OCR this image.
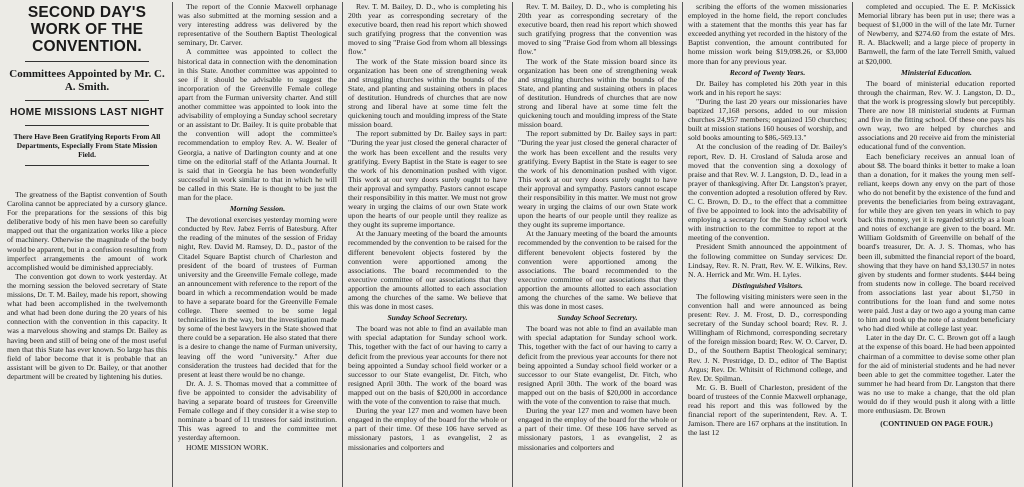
SECOND DAY'S WORK OF THE CONVENTION.
Committees Appointed by Mr. C. A. Smith.
HOME MISSIONS LAST NIGHT
There Have Been Gratifying Reports From All Departments, Especially From State Mission Field.

The greatness of the Baptist convention of South Carolina cannot be appreciated by a cursory glance. For the preparations for the sessions of this big deliberative body of his men have been so carefully mapped out that the organization works like a piece of machinery. Otherwise the magnitude of the body would be apparent, but in a confusion resulting from imperfect arrangements the amount of work accomplished would be diminished appreciably.

The convention got down to work yesterday. At the morning session the beloved secretary of State missions, Dr. T. M. Bailey, made his report, showing what had been accomplished in the twelvemonth and what had been done during the 20 years of his connection with the convention in this capacity. It was a marvelous showing and stamps Dr. Bailey as having been and still of being one of the most useful men that this State has ever known. So large has this field of labor become that it is probable that an assistant will be given to Dr. Bailey, or that another department will be created by lightening his duties.

The report of the Connie Maxwell orphanage was also submitted at the morning session and a very interesting address was delivered by the representative of the Southern Baptist Theological seminary, Dr. Carver.

A committee was appointed to collect the historical data in connection with the denomination in this State. Another committee was appointed to see if it should be advisable to suggest the incorporation of the Greenville Female college apart from the Furman university charter. And still another committee was appointed to look into the advisability of employing a Sunday school secretary or an assistant to Dr. Bailey. It is quite probable that the convention will adopt the committee's recommendation to employ Rev. A. W. Bealer of Georgia, a native of Darlington county and at one time on the editorial staff of the Atlanta Journal. It is said that in Georgia he has been wonderfully successful in work similar to that in which he will be called in this State. He is thought to be just the man for the place.

Morning Session.

The devotional exercises yesterday morning were conducted by Rev. Jabez Ferris of Batesburg. After the reading of the minutes of the session of Friday night, Rev. David M. Ramsey, D. D., pastor of the Citadel Square Baptist church of Charleston and president of the board of trustees of Furman university and the Greenville Female college, made an announcement with reference to the report of the board in which a recommendation would be made to have a separate board for the Greenville Female college. There seemed to be some legal technicalities in the way, but the investigation made by some of the best lawyers in the State showed that there could be a separation. He also stated that there is a desire to change the name of Furman university, leaving off the word "university." After due consideration the trustees had decided that for the present at least there would be no change.

Dr. A. J. S. Thomas moved that a committee of five be appointed to consider the advisability of having a separate board of trustees for Greenville Female college and if they consider it a wise step to nominate a board of 11 trustees for said institution. This was agreed to and the committee met yesterday afternoon.

HOME MISSION WORK.

Rev. T. M. Bailey, D. D., who is completing his 20th year as corresponding secretary of the executive board, then read his report which showed such gratifying progress that the convention was moved to sing "Praise God from whom all blessings flow."

The work of the State mission board since its organization has been one of strengthening weak and struggling churches within the bounds of the State, and planting and sustaining others in places of destitution. Hundreds of churches that are now strong and liberal have at some time felt the quickening touch and moulding impress of the State mission board.

The report submitted by Dr. Bailey says in part: "During the year just closed the general character of the work has been excellent and the results very gratifying. Every Baptist in the State is eager to see the work of his denomination pushed with vigor. This work at our very doors surely ought to have their approval and sympathy. Pastors cannot escape their responsibility in this matter. We must not grow weary in urging the claims of our own State work upon the hearts of our people until they realize as they ought its supreme importance.

At the January meeting of the board the amounts recommended by the convention to be raised for the different benevolent objects fostered by the convention were apportioned among the associations. The board recommended to the executive committee of our associations that they apportion the amounts allotted to each association among the churches of the same. We believe that this was done in most cases.

Sunday School Secretary.

The board was not able to find an available man with special adaptation for Sunday school work. This, together with the fact of our having to carry a deficit from the previous year accounts for there not being appointed a Sunday school field worker or a successor to our State evangelist, Dr. Fitch, who resigned April 30th. The work of the board was mapped out on the basis of $20,000 in accordance with the vote of the convention to raise that much.

During the year 127 men and women have been engaged in the employ of the board for the whole or a part of their time. Of these 106 have served as missionary pastors, 1 as evangelist, 2 as missionaries and colporters and

Rev. T. M. Bailey, D. D., who is completing his 20th year as corresponding secretary of the executive board, then read his report which showed such gratifying progress that the convention was moved to sing "Praise God from whom all blessings flow."

The work of the State mission board since its organization has been one of strengthening weak and struggling churches within the bounds of the State, and planting and sustaining others in places of destitution. Hundreds of churches that are now strong and liberal have at some time felt the quickening touch and moulding impress of the State mission board.

The report submitted by Dr. Bailey says in part: "During the year just closed the general character of the work has been excellent and the results very gratifying. Every Baptist in the State is eager to see the work of his denomination pushed with vigor. This work at our very doors surely ought to have their approval and sympathy. Pastors cannot escape their responsibility in this matter. We must not grow weary in urging the claims of our own State work upon the hearts of our people until they realize as they ought its supreme importance.

At the January meeting of the board the amounts recommended by the convention to be raised for the different benevolent objects fostered by the convention were apportioned among the associations. The board recommended to the executive committee of our associations that they apportion the amounts allotted to each association among the churches of the same. We believe that this was done in most cases.

Sunday School Secretary.

The board was not able to find an available man with special adaptation for Sunday school work. This, together with the fact of our having to carry a deficit from the previous year accounts for there not being appointed a Sunday school field worker or a successor to our State evangelist, Dr. Fitch, who resigned April 30th. The work of the board was mapped out on the basis of $20,000 in accordance with the vote of the convention to raise that much.

During the year 127 men and women have been engaged in the employ of the board for the whole or a part of their time. Of these 106 have served as missionary pastors, 1 as evangelist, 2 as missionaries and colporters and

scribing the efforts of the women missionaries employed in the home field, the report concludes with a statement that the months this year has far exceeded anything yet recorded in the history of the Baptist convention, the amount contributed for home mission work being $19,098.26, or $3,000 more than for any previous year.

Record of Twenty Years.

Dr. Bailey has completed his 20th year in this work and in his report he says:

"During the last 20 years our missionaries have baptized 17,168 persons, added to our mission churches 24,957 members; organized 150 churches; built at mission stations 160 houses of worship, and sold books amounting to $86,-569.13."

At the conclusion of the reading of Dr. Bailey's report, Rev. D. H. Crosland of Saluda arose and moved that the convention sing a doxology of praise and that Rev. W. J. Langston, D. D., lead in a prayer of thanksgiving. After Dr. Langston's prayer, the convention adopted a resolution offered by Rev. C. C. Brown, D. D., to the effect that a committee of five be appointed to look into the advisability of employing a secretary for the Sunday school work with instruction to the committee to report at the meeting of the convention.

President Smith announced the appointment of the following committee on Sunday services: Dr. Lindsay, Rev. R. N. Pratt, Rev. W. E. Wilkins, Rev. N. A. Herrick and Mr. Wm. H. Lyles.

Distinguished Visitors.

The following visiting ministers were seen in the convention hall and were announced as being present: Rev. J. M. Frost, D. D., corresponding secretary of the Sunday school board; Rev. R. J. Willingham of Richmond, corresponding secretary of the foreign mission board; Rev. W. O. Carver, D. D., of the Southern Baptist Theological seminary; Rev. J. N. Prestridge, D. D., editor of The Baptist Argus; Rev. Dr. Whitsitt of Richmond college, and Rev. Dr. Spilman.

Mr. G. B. Buell of Charleston, president of the board of trustees of the Connie Maxwell orphanage, read his report and this was followed by the financial report of the superintendent, Rev. A. T. Jamison. There are 167 orphans at the institution. In the last 12

completed and occupied. The E. P. McKissick Memorial library has been put in use; there was a bequest of $1,000 in the will of the late Mr. Turner of Newberry, and $274.60 from the estate of Mrs. R. A. Blackwell; and a large piece of property in Barnwell, the farm of the late Terrell Smith, valued at $20,000.

Ministerial Education.

The board of ministerial education reported through the chairman, Rev. W. J. Langston, D. D., that the work is progressing slowly but perceptibly. There are now 18 ministerial students at Furman and five in the fitting school. Of these one pays his own way, two are helped by churches and associations and 20 receive aid from the ministerial educational fund of the convention.

Each beneficiary receives an annual loan of about $8. The board thinks it better to make a loan than a donation, for it makes the young men self-reliant, keeps down any envy on the part of those who do not benefit by the existence of the fund and prevents the beneficiaries from being extravagant, for while they are given ten years in which to pay back this money, yet it is regarded strictly as a loan and notes of exchange are given to the board. Mr. William Goldsmith of Greenville on behalf of the board's treasurer, Dr. A. J. S. Thomas, who has been ill, submitted the financial report of the board, showing that they have on hand $3,130.57 in notes given by students and former students. $444 being from students now in college. The board received from associations last year about $1,750 in contributions for the loan fund and some notes were paid. Just a day or two ago a young man came to him and took up the note of a student beneficiary who had died while at college last year.

Later in the day Dr. C. C. Brown got off a laugh at the expense of this board. He had been appointed chairman of a committee to devise some other plan for the aid of ministerial students and he had never been able to get the committee together. Later the summer he had heard from Dr. Langston that there was no use to make a change, that the old plan would do if they would push it along with a little more enthusiasm. Dr. Brown

(CONTINUED ON PAGE FOUR.)
